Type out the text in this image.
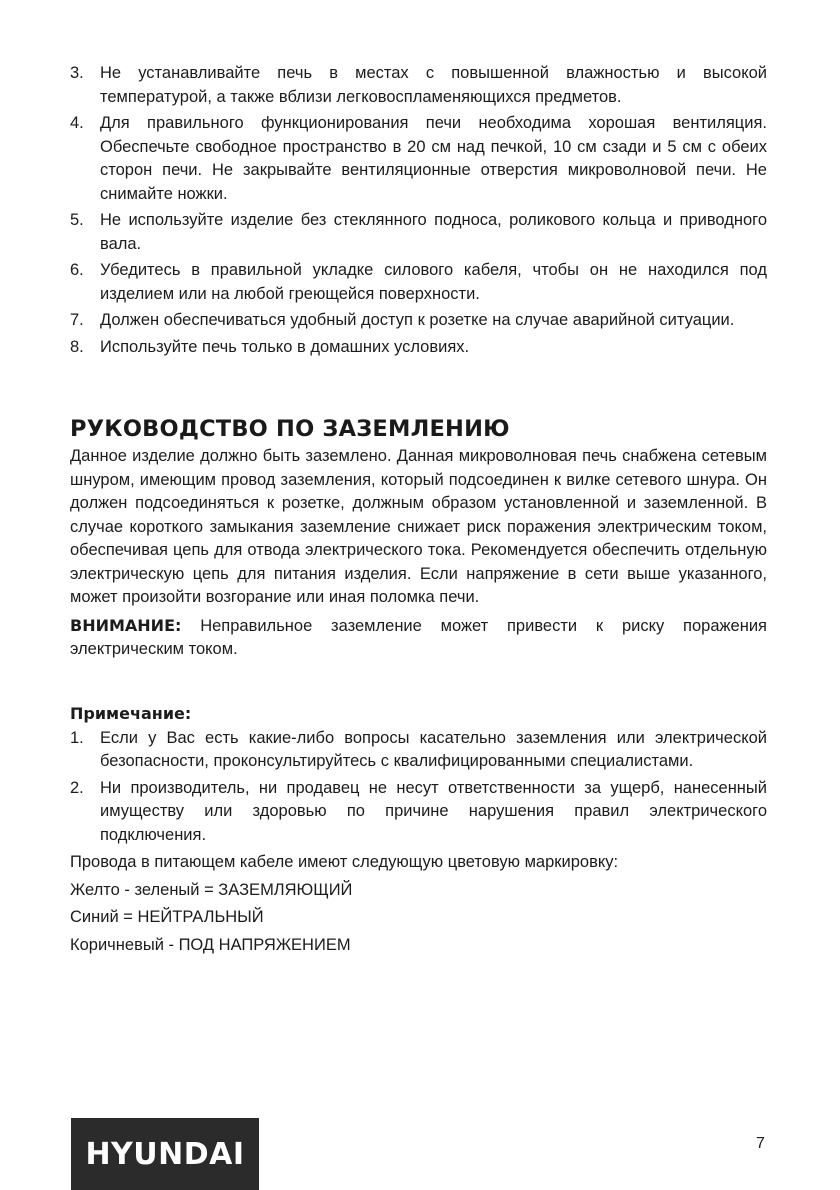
3. Не устанавливайте печь в местах с повышенной влажностью и высокой температурой, а также вблизи легковоспламеняющихся предметов.
4. Для правильного функционирования печи необходима хорошая вентиляция. Обеспечьте свободное пространство в 20 см над печкой, 10 см сзади и 5 см с обеих сторон печи. Не закрывайте вентиляционные отверстия микроволновой печи. Не снимайте ножки.
5. Не используйте изделие без стеклянного подноса, роликового кольца и приводного вала.
6. Убедитесь в правильной укладке силового кабеля, чтобы он не находился под изделием или на любой греющейся поверхности.
7. Должен обеспечиваться удобный доступ к розетке на случае аварийной ситуации.
8. Используйте печь только в домашних условиях.
РУКОВОДСТВО ПО ЗАЗЕМЛЕНИЮ

Данное изделие должно быть заземлено. Данная микроволновая печь снабжена сетевым шнуром, имеющим провод заземления, который подсоединен к вилке сетевого шнура. Он должен подсоединяться к розетке, должным образом установленной и заземленной. В случае короткого замыкания заземление снижает риск поражения электрическим током, обеспечивая цепь для отвода электрического тока. Рекомендуется обеспечить отдельную электрическую цепь для питания изделия. Если напряжение в сети выше указанного, может произойти возгорание или иная поломка печи.

ВНИМАНИЕ: Неправильное заземление может привести к риску поражения электрическим током.

Примечание:
1. Если у Вас есть какие-либо вопросы касательно заземления или электрической безопасности, проконсультируйтесь с квалифицированными специалистами.
2. Ни производитель, ни продавец не несут ответственности за ущерб, нанесенный имуществу или здоровью по причине нарушения правил электрического подключения.

Провода в питающем кабеле имеют следующую цветовую маркировку:

Желто - зеленый = ЗАЗЕМЛЯЮЩИЙ

Синий = НЕЙТРАЛЬНЫЙ

Коричневый - ПОД НАПРЯЖЕНИЕМ

HYUNDAI	7
